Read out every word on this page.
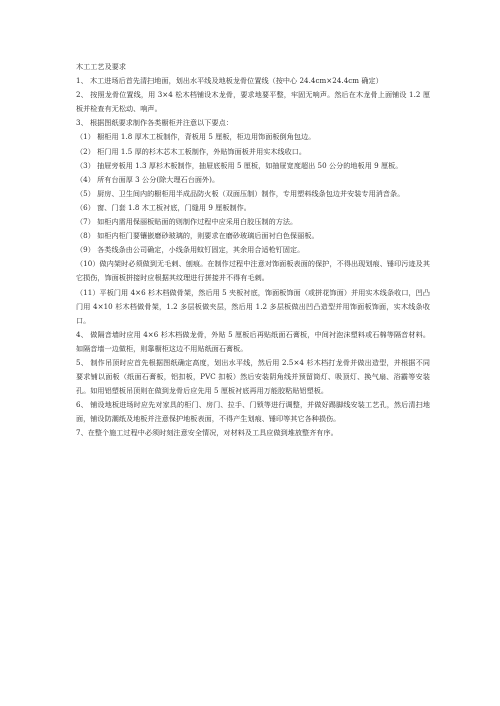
木工工艺及要求

1、 木工进场后首先清扫地面，划出水平线及地板龙骨位置线（按中心 24.4cm×24.4cm 确定）

2、 按照龙骨位置线，用 3×4 松木档铺设木龙骨，要求地要平整，牢固无响声。然后在木龙骨上面铺设 1.2 厘板并检查有无松动、响声。

3、 根据图纸要求制作各类橱柜并注意以下要点：

（1） 橱柜用 1.8 厚木工板制作，背板用 5 厘板，柜边用饰面板倒角包边。

（2） 柜门用 1.5 厚的杉木芯木工板制作，外贴饰面板并用实木线收口。

（3） 抽屉旁板用 1.3 厚杉木板制作，抽屉底板用 5 厘板，如抽屉宽度超出 50 公分的地板用 9 厘板。

（4） 所有台面厚 3 公分(除大理石台面外)。

（5） 厨房、卫生间内的橱柜用半成品防火板（双面压制）制作，专用塑料线条包边并安装专用消音条。

（6） 窗、门套 1.8 木工板衬底，门缝用 9 厘板制作。

（7） 如柜内需用保丽板贴面的则制作过程中应采用白胶压制的方法。

（8） 如柜内柜门要镶嵌磨砂玻璃的，则要求在磨砂玻璃后面衬白色保丽板。

（9） 各类线条由公司确定，小线条用蚊钉固定，其余用合适枪钉固定。

（10）做内架时必须做到无毛刺、刨痕。在制作过程中注意对饰面板表面的保护，不得出现划痕、锤印污迹及其它损伤，饰面板拼接时应根据其纹理进行拼接并不得有毛刺。

（11）平板门用 4×6 杉木档做骨架，然后用 5 夹板衬底，饰面板饰面（或拼花饰面）并用实木线条收口，凹凸门用 4×10 杉木档做骨架，1.2 多层板做夹层，然后用 1.2 多层板做出凹凸造型并用饰面板饰面，实木线条收口。

4、 做隔音墙时应用 4×6 杉木档做龙骨，外贴 5 厘板后再贴纸面石膏板，中间衬泡沫塑料或石棉等隔音材料。如隔音墙一边做柜，则靠橱柜这边不用贴纸面石膏板。

5、 制作吊顶时应首先根据图纸确定高度，划出水平线，然后用 2.5×4 杉木档打龙骨并做出造型，并根据不同要求铺以面板（纸面石膏板，铝扣板，PVC 扣板）然后安装阴角线并预留筒灯、吸顶灯、换气扇、浴霸等安装孔。如用铝塑板吊顶则在做到龙骨后应先用 5 厘板衬底再用万能胶粘贴铝塑板。

6、 铺设地板进场时应先对家具的柜门、房门、拉手、门锁等进行调整，并做好踢脚线安装工艺孔，然后清扫地面，铺设防潮纸及地板并注意保护地板表面，不得产生划痕、锤印等其它各种损伤。

7、在整个施工过程中必须时刻注意安全情况，对材料及工具应做到堆放整齐有序。
